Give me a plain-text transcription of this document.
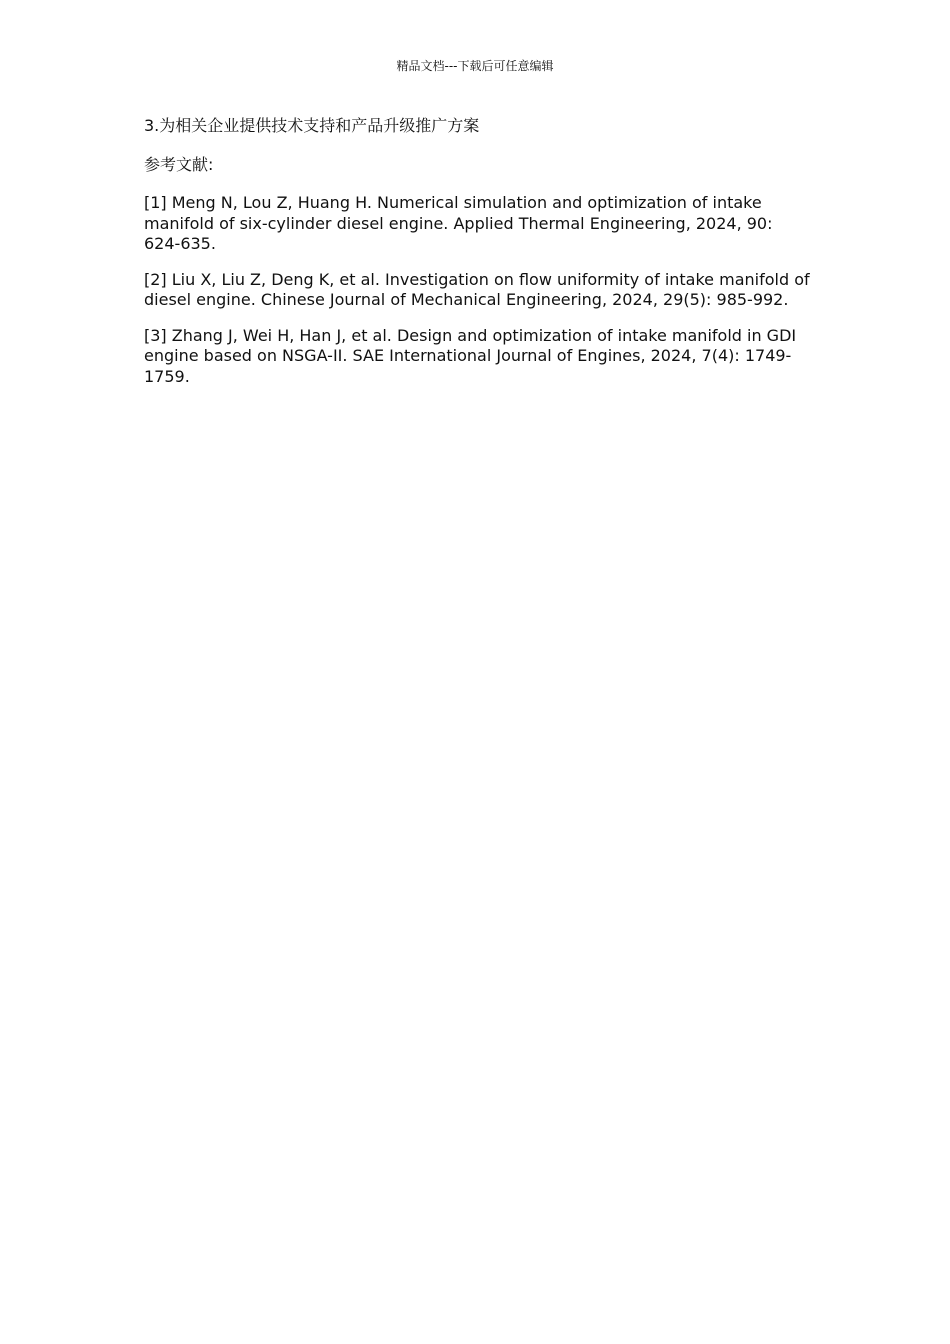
精品文档---下载后可任意编辑

3.为相关企业提供技术支持和产品升级推广方案

参考文献:

[1] Meng N, Lou Z, Huang H. Numerical simulation and optimization of intake manifold of six-cylinder diesel engine. Applied Thermal Engineering, 2024, 90: 624-635.

[2] Liu X, Liu Z, Deng K, et al. Investigation on flow uniformity of intake manifold of diesel engine. Chinese Journal of Mechanical Engineering, 2024, 29(5): 985-992.

[3] Zhang J, Wei H, Han J, et al. Design and optimization of intake manifold in GDI engine based on NSGA-II. SAE International Journal of Engines, 2024, 7(4): 1749-1759.
